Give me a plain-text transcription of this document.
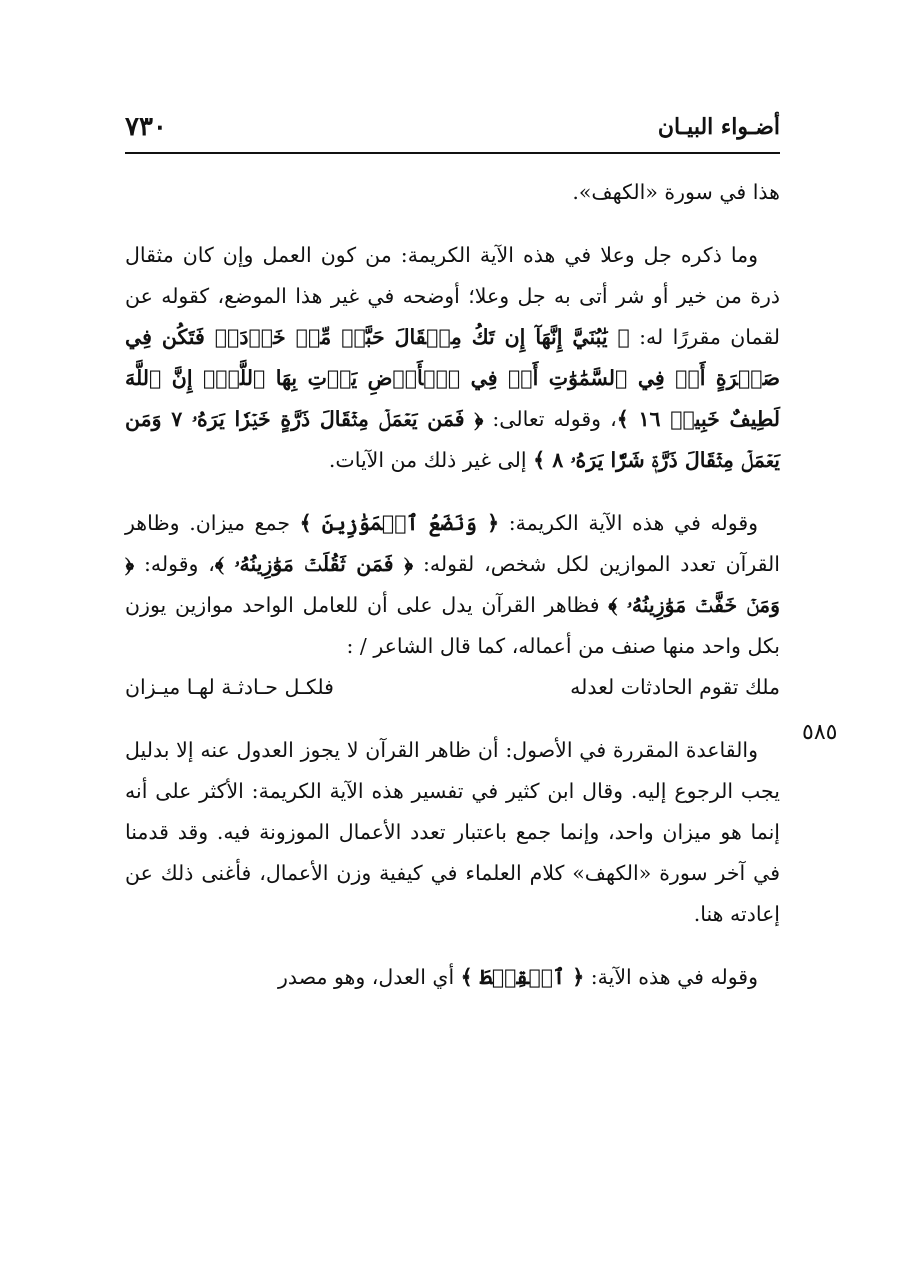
٧٣٠	أضـواء البيـان
٥٨٥

هذا في سورة «الكهف».

وما ذكره جل وعلا في هذه الآية الكريمة: من كون العمل وإن كان مثقال ذرة من خير أو شر أتى به جل وعلا؛ أوضحه في غير هذا الموضع، كقوله عن لقمان مقررًا له: ﴿ يَٰبُنَيَّ إِنَّهَآ إِن تَكُ مِثۡقَالَ حَبَّةٖ مِّنۡ خَرۡدَلٖ فَتَكُن فِي صَخۡرَةٍ أَوۡ فِي ٱلسَّمَٰوَٰتِ أَوۡ فِي ٱلۡأَرۡضِ يَأۡتِ بِهَا ٱللَّهُۚ إِنَّ ٱللَّهَ لَطِيفٌ خَبِيرٞ ١٦ ﴾، وقوله تعالى: ﴿ فَمَن يَعۡمَلۡ مِثۡقَالَ ذَرَّةٍ خَيۡرٗا يَرَهُۥ ٧ وَمَن يَعۡمَلۡ مِثۡقَالَ ذَرَّةٖ شَرّٗا يَرَهُۥ ٨ ﴾ إلى غير ذلك من الآيات.

وقوله في هذه الآية الكريمة: ﴿ وَنَضَعُ ٱلۡمَوَٰزِينَ ﴾ جمع ميزان. وظاهر القرآن تعدد الموازين لكل شخص، لقوله: ﴿ فَمَن ثَقُلَتۡ مَوَٰزِينُهُۥ ﴾، وقوله: ﴿ وَمَنۡ خَفَّتۡ مَوَٰزِينُهُۥ ﴾ فظاهر القرآن يدل على أن للعامل الواحد موازين يوزن بكل واحد منها صنف من أعماله، كما قال الشاعر / :

ملك تقوم الحادثات لعدله
فلكـل حـادثـة لهـا ميـزان

والقاعدة المقررة في الأصول: أن ظاهر القرآن لا يجوز العدول عنه إلا بدليل يجب الرجوع إليه. وقال ابن كثير في تفسير هذه الآية الكريمة: الأكثر على أنه إنما هو ميزان واحد، وإنما جمع باعتبار تعدد الأعمال الموزونة فيه. وقد قدمنا في آخر سورة «الكهف» كلام العلماء في كيفية وزن الأعمال، فأغنى ذلك عن إعادته هنا.

وقوله في هذه الآية: ﴿ ٱلۡقِسۡطَ ﴾ أي العدل، وهو مصدر
